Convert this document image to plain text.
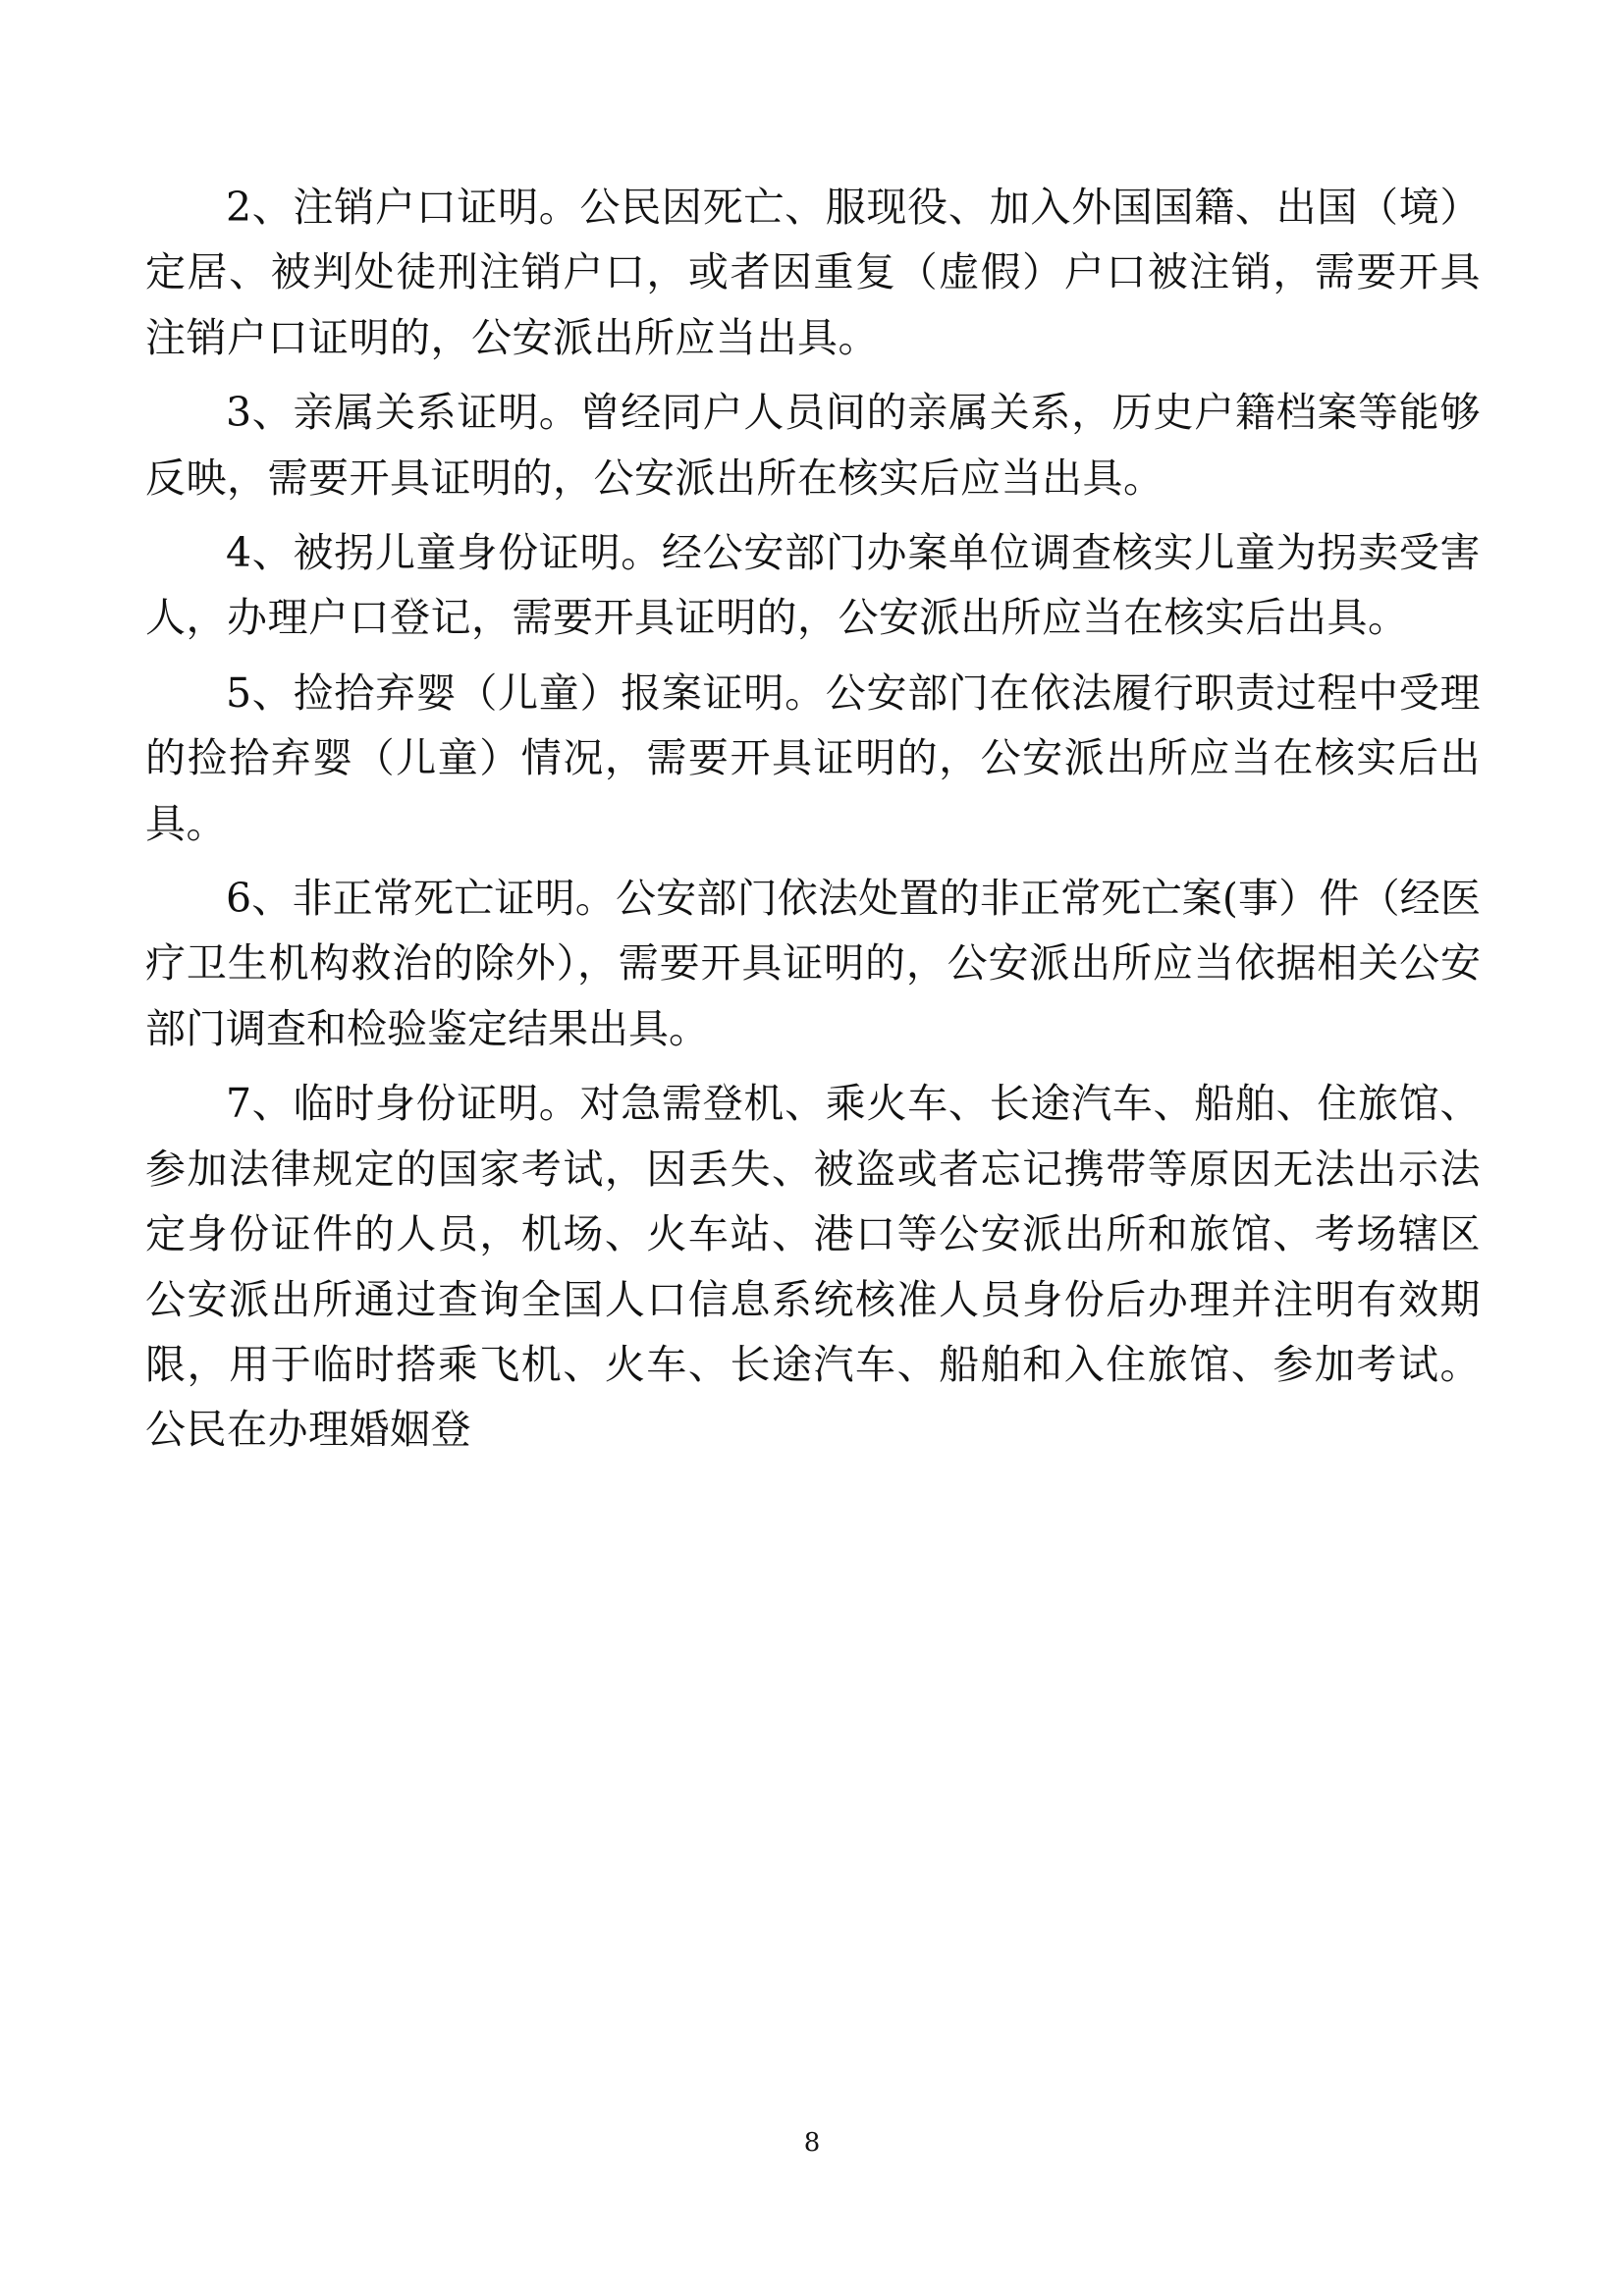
2、注销户口证明。公民因死亡、服现役、加入外国国籍、出国（境）定居、被判处徒刑注销户口，或者因重复（虚假）户口被注销，需要开具注销户口证明的，公安派出所应当出具。

3、亲属关系证明。曾经同户人员间的亲属关系，历史户籍档案等能够反映，需要开具证明的，公安派出所在核实后应当出具。

4、被拐儿童身份证明。经公安部门办案单位调查核实儿童为拐卖受害人，办理户口登记，需要开具证明的，公安派出所应当在核实后出具。

5、捡拾弃婴（儿童）报案证明。公安部门在依法履行职责过程中受理的捡拾弃婴（儿童）情况，需要开具证明的，公安派出所应当在核实后出具。

6、非正常死亡证明。公安部门依法处置的非正常死亡案(事）件（经医疗卫生机构救治的除外），需要开具证明的，公安派出所应当依据相关公安部门调查和检验鉴定结果出具。

7、临时身份证明。对急需登机、乘火车、长途汽车、船舶、住旅馆、参加法律规定的国家考试，因丢失、被盗或者忘记携带等原因无法出示法定身份证件的人员，机场、火车站、港口等公安派出所和旅馆、考场辖区公安派出所通过查询全国人口信息系统核准人员身份后办理并注明有效期限，用于临时搭乘飞机、火车、长途汽车、船舶和入住旅馆、参加考试。公民在办理婚姻登

8
